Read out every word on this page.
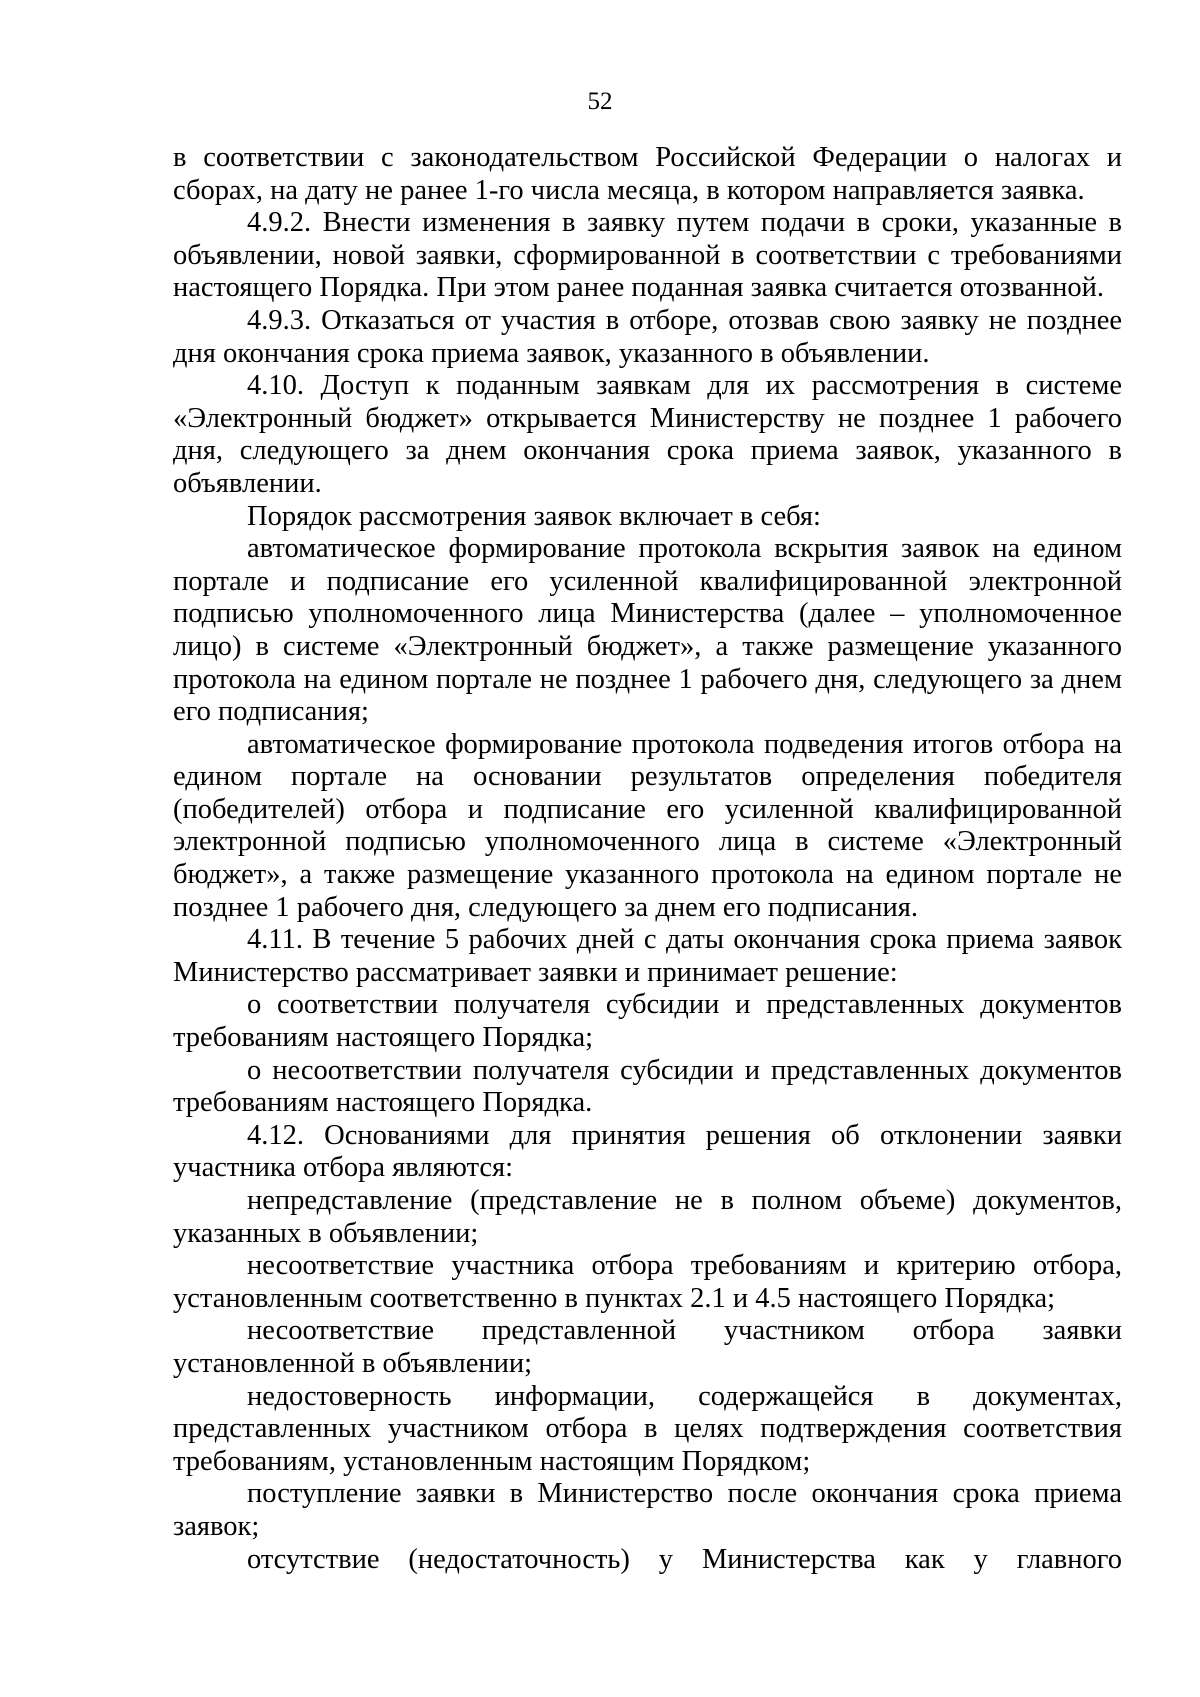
52

в соответствии с законодательством Российской Федерации о налогах и сборах, на дату не ранее 1-го числа месяца, в котором направляется заявка.

4.9.2. Внести изменения в заявку путем подачи в сроки, указанные в объявлении, новой заявки, сформированной в соответствии с требованиями настоящего Порядка. При этом ранее поданная заявка считается отозванной.

4.9.3. Отказаться от участия в отборе, отозвав свою заявку не позднее дня окончания срока приема заявок, указанного в объявлении.

4.10. Доступ к поданным заявкам для их рассмотрения в системе «Электронный бюджет» открывается Министерству не позднее 1 рабочего дня, следующего за днем окончания срока приема заявок, указанного в объявлении.

Порядок рассмотрения заявок включает в себя:

автоматическое формирование протокола вскрытия заявок на едином портале и подписание его усиленной квалифицированной электронной подписью уполномоченного лица Министерства (далее – уполномоченное лицо) в системе «Электронный бюджет», а также размещение указанного протокола на едином портале не позднее 1 рабочего дня, следующего за днем его подписания;

автоматическое формирование протокола подведения итогов отбора на едином портале на основании результатов определения победителя (победителей) отбора и подписание его усиленной квалифицированной электронной подписью уполномоченного лица в системе «Электронный бюджет», а также размещение указанного протокола на едином портале не позднее 1 рабочего дня, следующего за днем его подписания.

4.11. В течение 5 рабочих дней с даты окончания срока приема заявок Министерство рассматривает заявки и принимает решение:

о соответствии получателя субсидии и представленных документов требованиям настоящего Порядка;

о несоответствии получателя субсидии и представленных документов требованиям настоящего Порядка.

4.12. Основаниями для принятия решения об отклонении заявки участника отбора являются:

непредставление (представление не в полном объеме) документов, указанных в объявлении;

несоответствие участника отбора требованиям и критерию отбора, установленным соответственно в пунктах 2.1 и 4.5 настоящего Порядка;

несоответствие представленной участником отбора заявки установленной в объявлении;

недостоверность информации, содержащейся в документах, представленных участником отбора в целях подтверждения соответствия требованиям, установленным настоящим Порядком;

поступление заявки в Министерство после окончания срока приема заявок;

отсутствие (недостаточность) у Министерства как у главного
